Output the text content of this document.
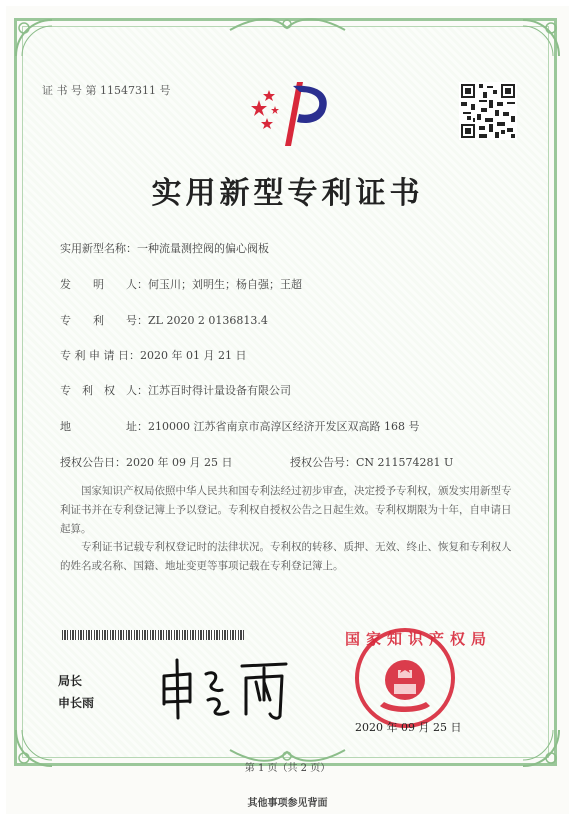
证 书 号 第 11547311 号
实用新型专利证书
实用新型名称：一种流量测控阀的偏心阀板
发　　明　　人：何玉川；刘明生；杨自强；王超
专　　利　　号：ZL 2020 2 0136813.4
专 利 申 请 日：2020 年 01 月 21 日
专　利　权　人：江苏百时得计量设备有限公司
地　　　　　址：210000 江苏省南京市高淳区经济开发区双高路 168 号
授权公告日：2020 年 09 月 25 日	授权公告号：CN 211574281 U
国家知识产权局依照中华人民共和国专利法经过初步审查，决定授予专利权，颁发实用新型专利证书并在专利登记簿上予以登记。专利权自授权公告之日起生效。专利权期限为十年，自申请日起算。
专利证书记载专利权登记时的法律状况。专利权的转移、质押、无效、终止、恢复和专利权人的姓名或名称、国籍、地址变更等事项记载在专利登记簿上。
局长
申长雨
国家知识产权局
2020 年 09 月 25 日
第 1 页（共 2 页）
其他事项参见背面
